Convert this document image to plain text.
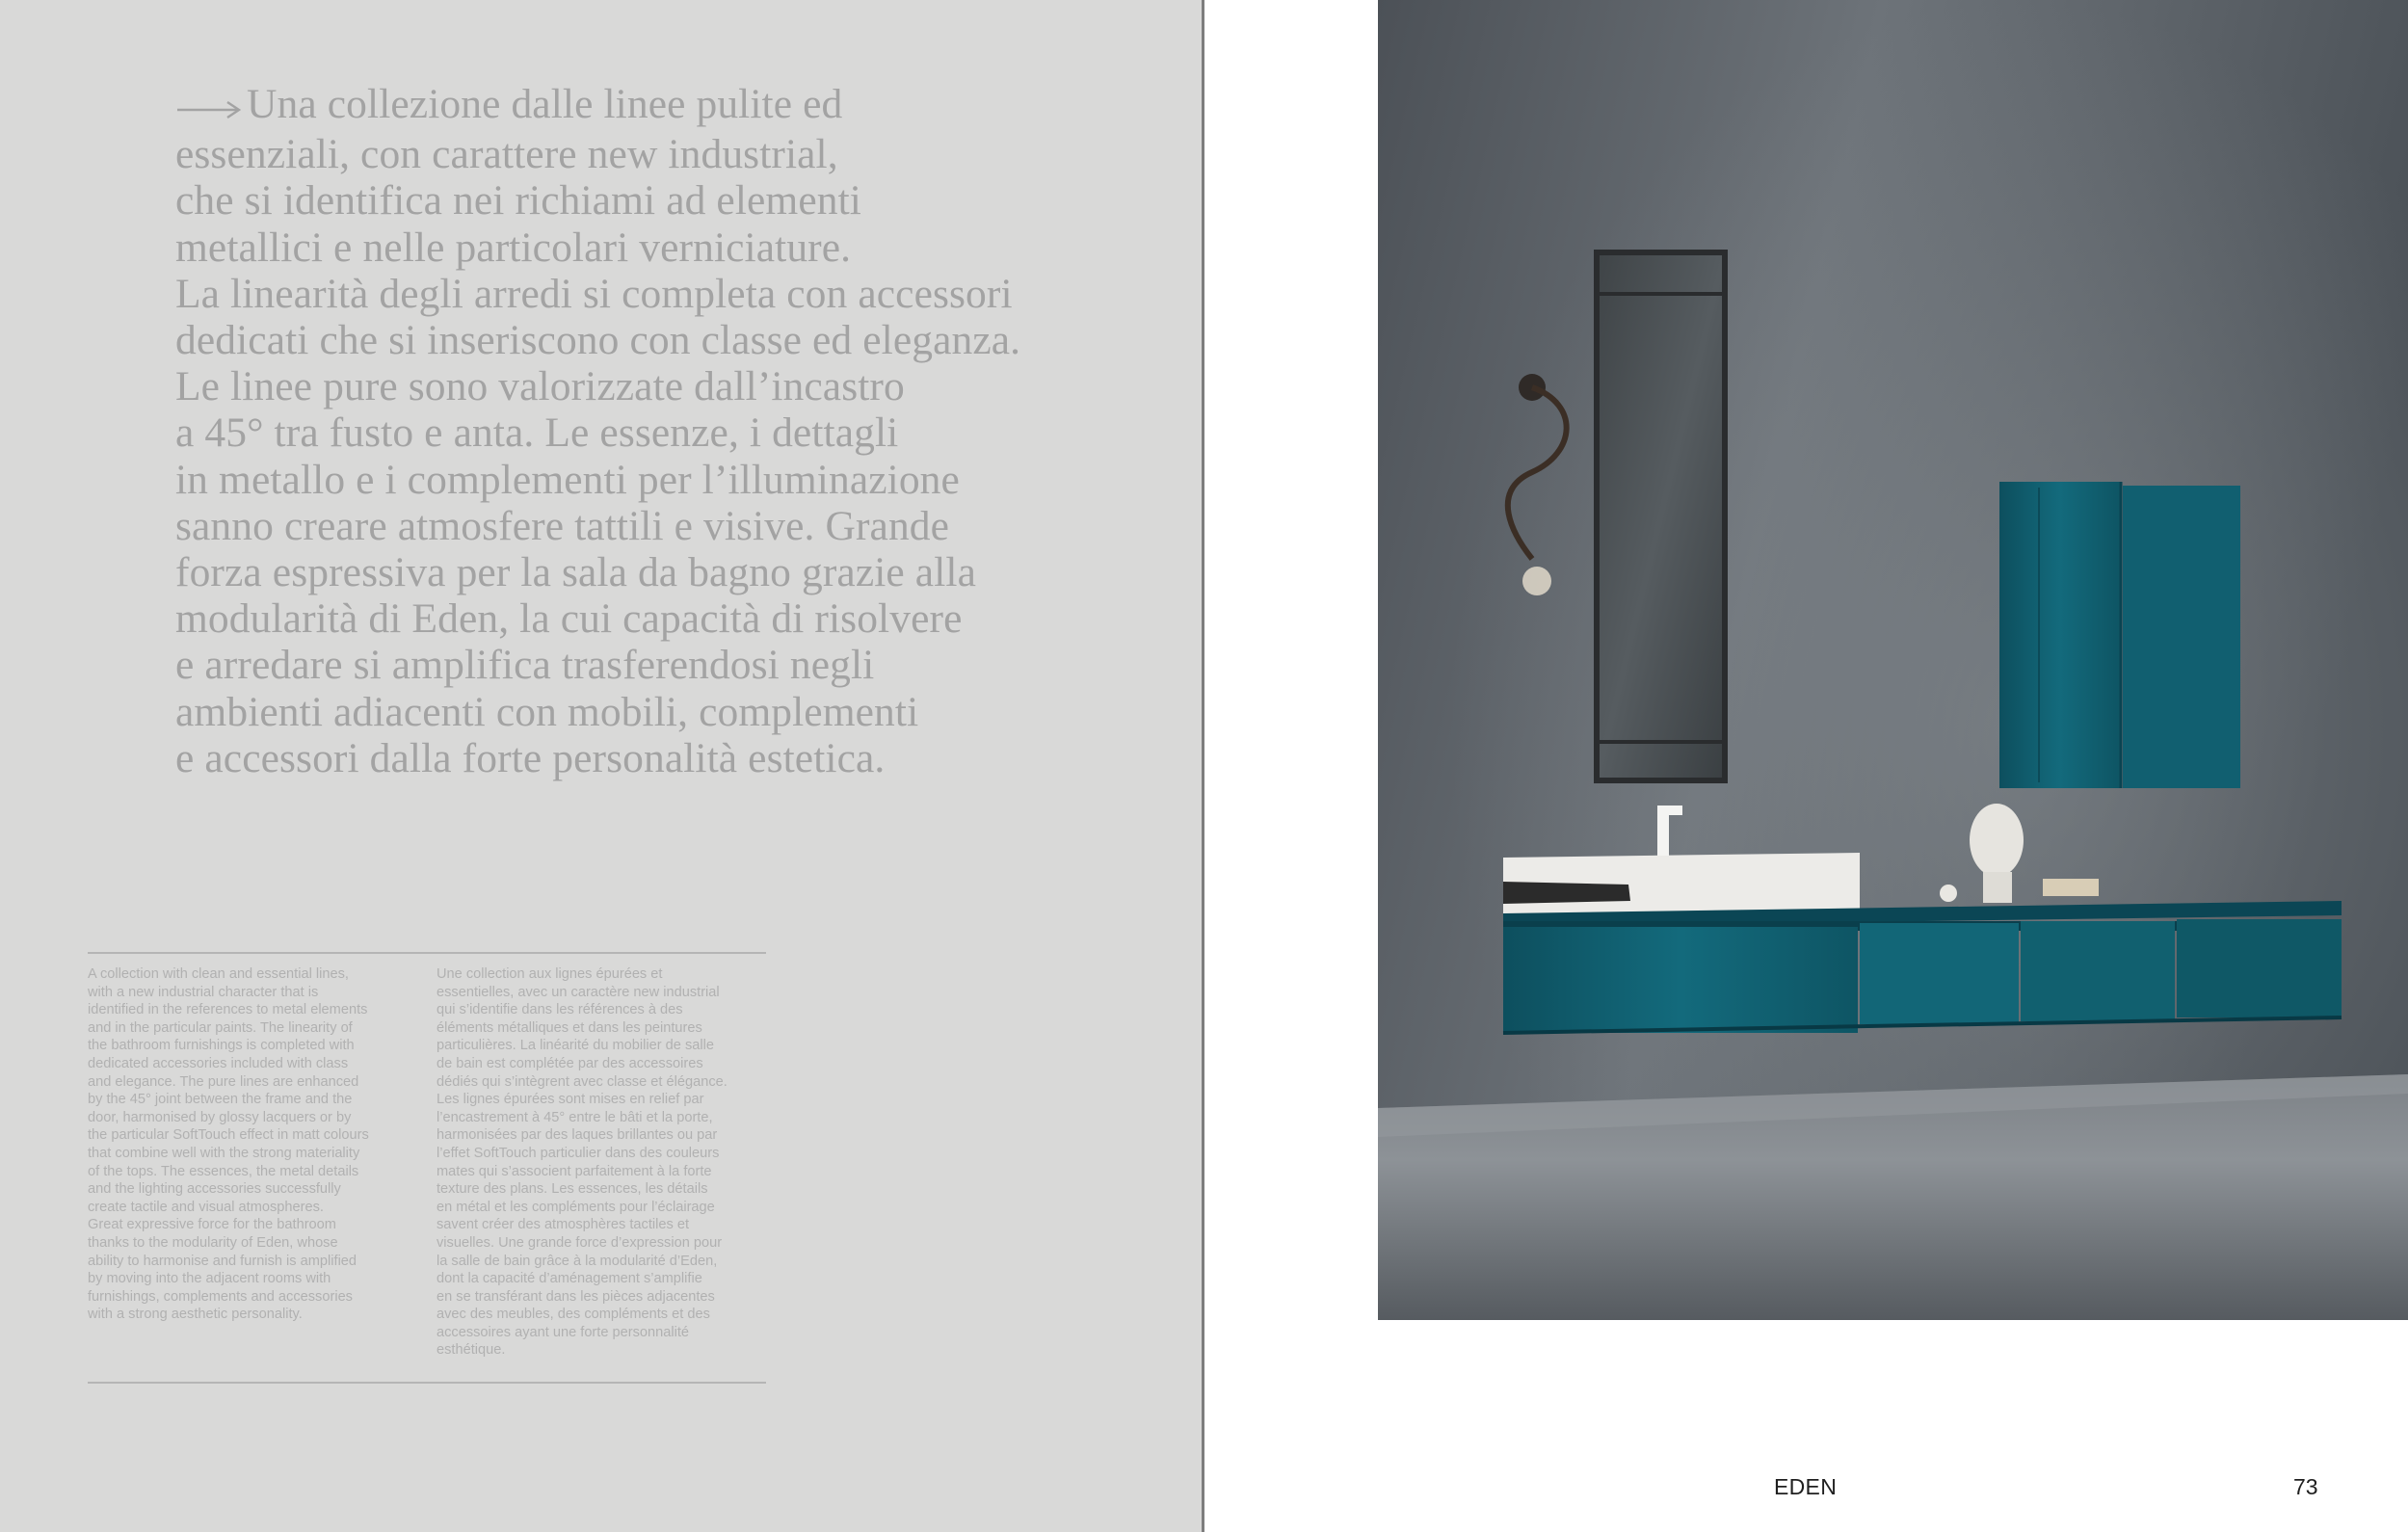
Una collezione dalle linee pulite ed
essenziali, con carattere new industrial,
che si identifica nei richiami ad elementi
metallici e nelle particolari verniciature.
La linearità degli arredi si completa con accessori
dedicati che si inseriscono con classe ed eleganza.
Le linee pure sono valorizzate dall’incastro
a 45° tra fusto e anta. Le essenze, i dettagli
in metallo e i complementi per l’illuminazione
sanno creare atmosfere tattili e visive. Grande
forza espressiva per la sala da bagno grazie alla
modularità di Eden, la cui capacità di risolvere
e arredare si amplifica trasferendosi negli
ambienti adiacenti con mobili, complementi
e accessori dalla forte personalità estetica.

A collection with clean and essential lines,
with a new industrial character that is
identified in the references to metal elements
and in the particular paints. The linearity of
the bathroom furnishings is completed with
dedicated accessories included with class
and elegance. The pure lines are enhanced
by the 45° joint between the frame and the
door, harmonised by glossy lacquers or by
the particular SoftTouch effect in matt colours
that combine well with the strong materiality
of the tops. The essences, the metal details
and the lighting accessories successfully
create tactile and visual atmospheres.
Great expressive force for the bathroom
thanks to the modularity of Eden, whose
ability to harmonise and furnish is amplified
by moving into the adjacent rooms with
furnishings, complements and accessories
with a strong aesthetic personality.
Une collection aux lignes épurées et
essentielles, avec un caractère new industrial
qui s’identifie dans les références à des
éléments métalliques et dans les peintures
particulières. La linéarité du mobilier de salle
de bain est complétée par des accessoires
dédiés qui s’intègrent avec classe et élégance.
Les lignes épurées sont mises en relief par
l’encastrement à 45° entre le bâti et la porte,
harmonisées par des laques brillantes ou par
l’effet SoftTouch particulier dans des couleurs
mates qui s’associent parfaitement à la forte
texture des plans. Les essences, les détails
en métal et les compléments pour l’éclairage
savent créer des atmosphères tactiles et
visuelles. Une grande force d’expression pour
la salle de bain grâce à la modularité d’Eden,
dont la capacité d’aménagement s’amplifie
en se transférant dans les pièces adjacentes
avec des meubles, des compléments et des
accessoires ayant une forte personnalité
esthétique.
EDEN	73
